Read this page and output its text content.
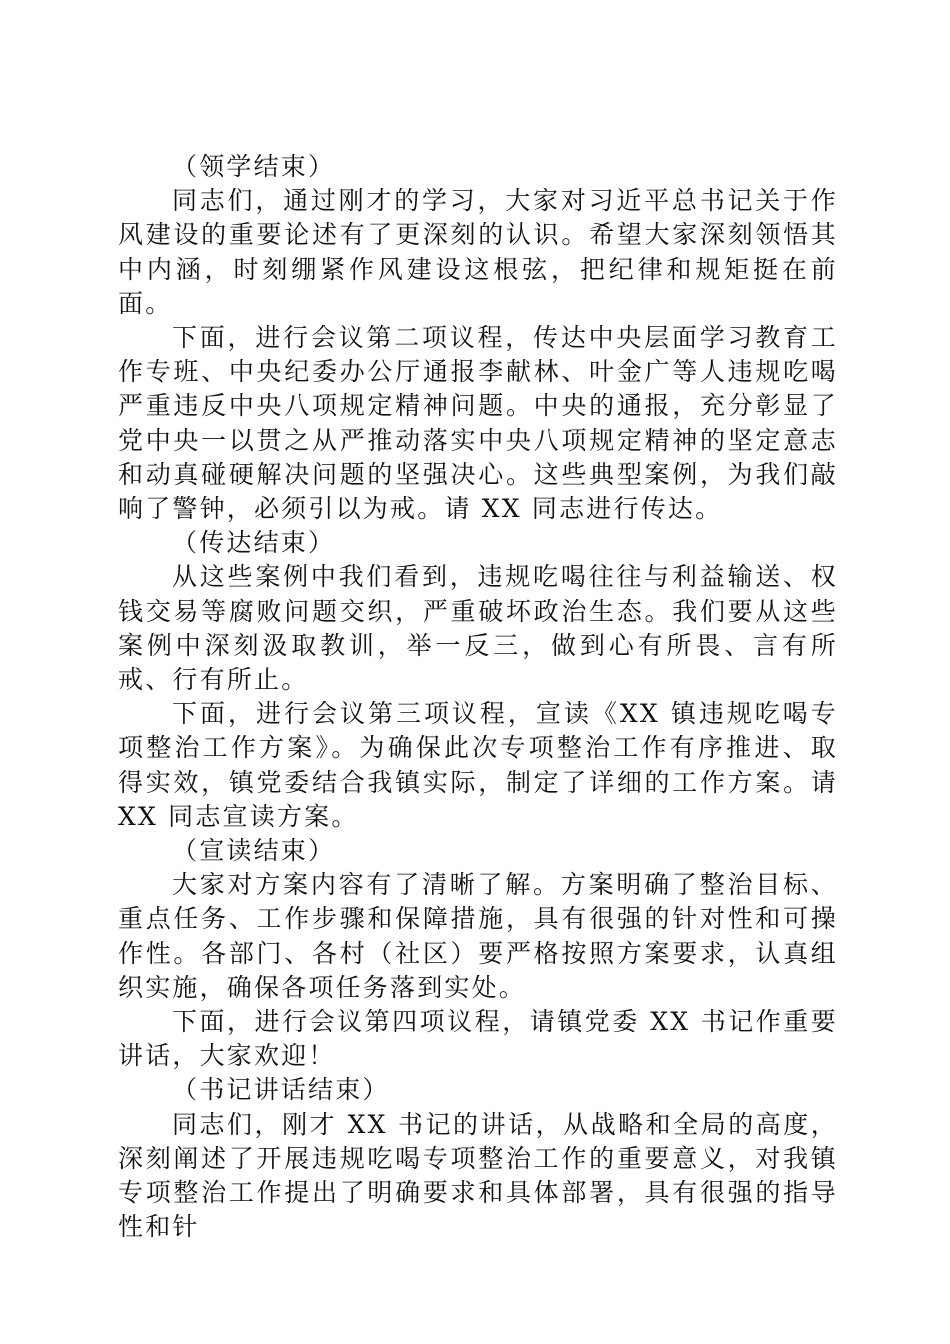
（领学结束）

同志们，通过刚才的学习，大家对习近平总书记关于作风建设的重要论述有了更深刻的认识。希望大家深刻领悟其中内涵，时刻绷紧作风建设这根弦，把纪律和规矩挺在前面。

下面，进行会议第二项议程，传达中央层面学习教育工作专班、中央纪委办公厅通报李献林、叶金广等人违规吃喝严重违反中央八项规定精神问题。中央的通报，充分彰显了党中央一以贯之从严推动落实中央八项规定精神的坚定意志和动真碰硬解决问题的坚强决心。这些典型案例，为我们敲响了警钟，必须引以为戒。请 XX 同志进行传达。

（传达结束）

从这些案例中我们看到，违规吃喝往往与利益输送、权钱交易等腐败问题交织，严重破坏政治生态。我们要从这些案例中深刻汲取教训，举一反三，做到心有所畏、言有所戒、行有所止。

下面，进行会议第三项议程，宣读《XX 镇违规吃喝专项整治工作方案》。为确保此次专项整治工作有序推进、取得实效，镇党委结合我镇实际，制定了详细的工作方案。请 XX 同志宣读方案。

（宣读结束）

大家对方案内容有了清晰了解。方案明确了整治目标、重点任务、工作步骤和保障措施，具有很强的针对性和可操作性。各部门、各村（社区）要严格按照方案要求，认真组织实施，确保各项任务落到实处。

下面，进行会议第四项议程，请镇党委 XX 书记作重要讲话，大家欢迎！

（书记讲话结束）

同志们，刚才 XX 书记的讲话，从战略和全局的高度，深刻阐述了开展违规吃喝专项整治工作的重要意义，对我镇专项整治工作提出了明确要求和具体部署，具有很强的指导性和针
